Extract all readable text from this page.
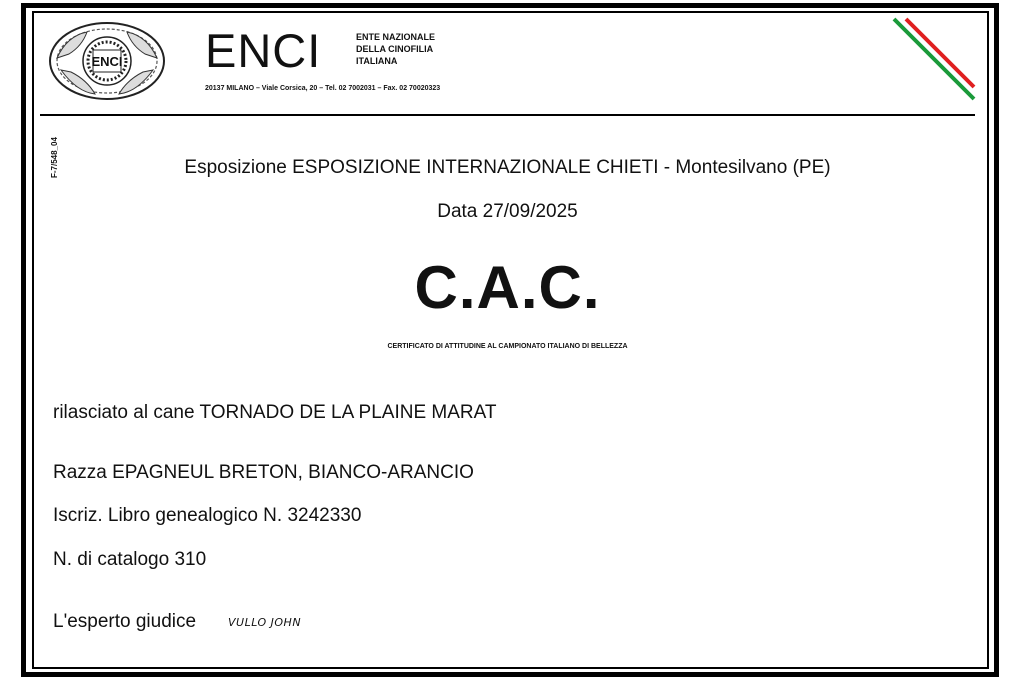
ENCI ENCI	ENTE NAZIONALE
DELLA CINOFILIA
ITALIANA
20137 MILANO – Viale Corsica, 20 – Tel. 02 7002031 – Fax. 02 70020323
F-7/548_04	Esposizione ESPOSIZIONE INTERNAZIONALE CHIETI - Montesilvano (PE)
Data 27/09/2025
C.A.C.
CERTIFICATO DI ATTITUDINE AL CAMPIONATO ITALIANO DI BELLEZZA
rilasciato al cane TORNADO DE LA PLAINE MARAT
Razza EPAGNEUL BRETON, BIANCO-ARANCIO
Iscriz. Libro genealogico N. 3242330
N. di catalogo 310
L'esperto giudice	VULLO JOHN
